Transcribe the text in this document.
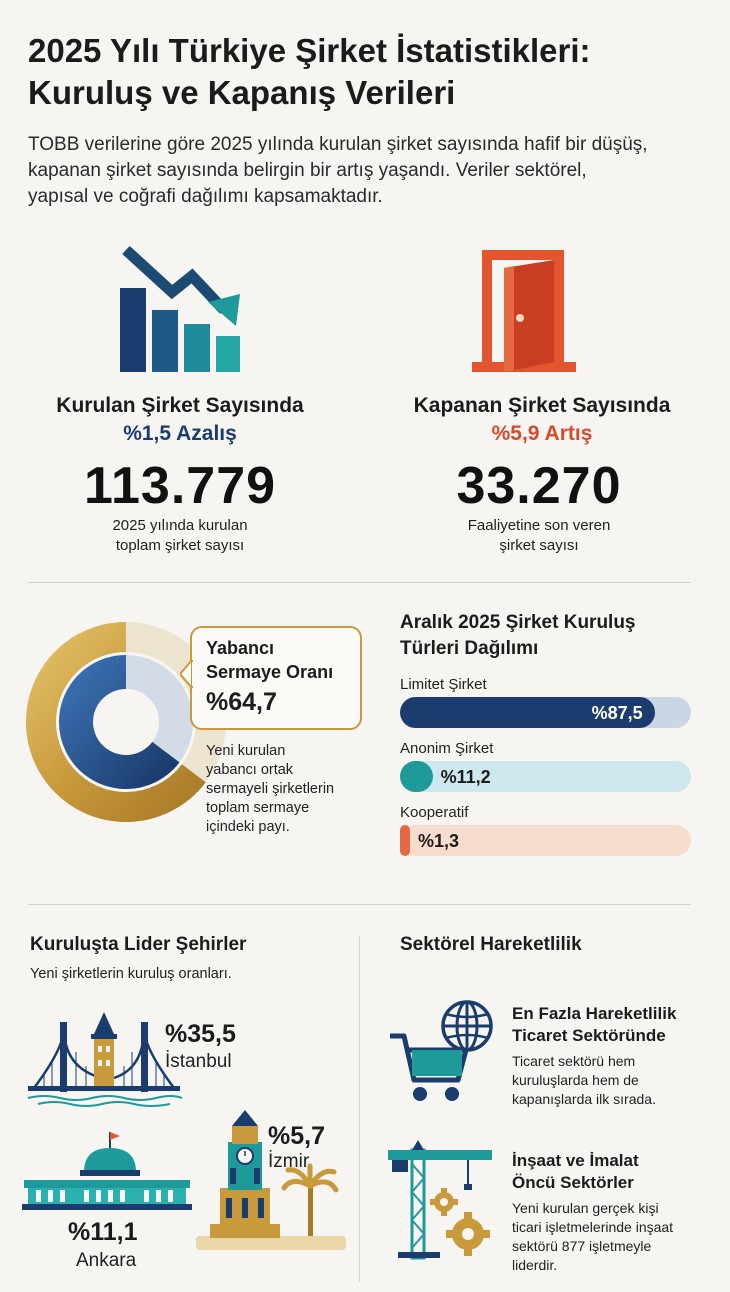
2025 Yılı Türkiye Şirket İstatistikleri:
Kuruluş ve Kapanış Verileri
TOBB verilerine göre 2025 yılında kurulan şirket sayısında hafif bir düşüş,
kapanan şirket sayısında belirgin bir artış yaşandı. Veriler sektörel,
yapısal ve coğrafi dağılımı kapsamaktadır.
Kurulan Şirket Sayısında
%1,5 Azalış
113.779
2025 yılında kurulan
toplam şirket sayısı
Kapanan Şirket Sayısında
%5,9 Artış
33.270
Faaliyetine son veren
şirket sayısı
Yabancı
Sermaye Oranı
%64,7
Yeni kurulan
yabancı ortak
sermayeli şirketlerin
toplam sermaye
içindeki payı.
Aralık 2025 Şirket Kuruluş
Türleri Dağılımı
Limitet Şirket
%87,5
Anonim Şirket
%11,2
Kooperatif
%1,3
Kuruluşta Lider Şehirler
Yeni şirketlerin kuruluş oranları.
%35,5
İstanbul
%11,1
Ankara
%5,7
İzmir
Sektörel Hareketlilik
En Fazla Hareketlilik
Ticaret Sektöründe
Ticaret sektörü hem
kuruluşlarda hem de
kapanışlarda ilk sırada.
İnşaat ve İmalat
Öncü Sektörler
Yeni kurulan gerçek kişi
ticari işletmelerinde inşaat
sektörü 877 işletmeyle
liderdir.
